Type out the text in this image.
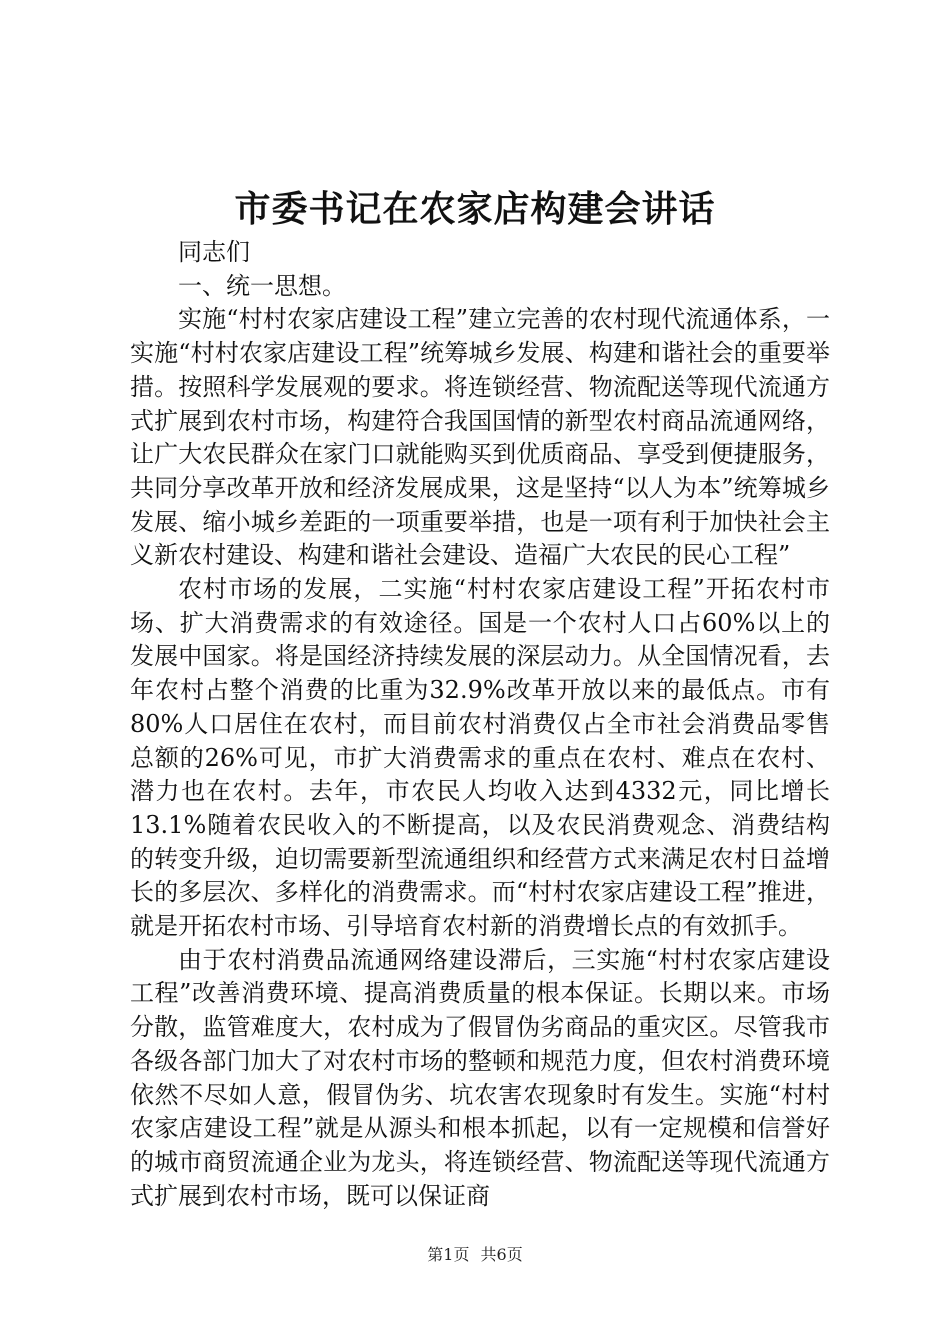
市委书记在农家店构建会讲话

同志们

一、统一思想。

实施“村村农家店建设工程”建立完善的农村现代流通体系，一实施“村村农家店建设工程”统筹城乡发展、构建和谐社会的重要举措。按照科学发展观的要求。将连锁经营、物流配送等现代流通方式扩展到农村市场，构建符合我国国情的新型农村商品流通网络，让广大农民群众在家门口就能购买到优质商品、享受到便捷服务，共同分享改革开放和经济发展成果，这是坚持“以人为本”统筹城乡发展、缩小城乡差距的一项重要举措，也是一项有利于加快社会主义新农村建设、构建和谐社会建设、造福广大农民的民心工程”

农村市场的发展，二实施“村村农家店建设工程”开拓农村市场、扩大消费需求的有效途径。国是一个农村人口占60%以上的发展中国家。将是国经济持续发展的深层动力。从全国情况看，去年农村占整个消费的比重为32.9%改革开放以来的最低点。市有80%人口居住在农村，而目前农村消费仅占全市社会消费品零售总额的26%可见，市扩大消费需求的重点在农村、难点在农村、潜力也在农村。去年，市农民人均收入达到4332元，同比增长13.1%随着农民收入的不断提高，以及农民消费观念、消费结构的转变升级，迫切需要新型流通组织和经营方式来满足农村日益增长的多层次、多样化的消费需求。而“村村农家店建设工程”推进，就是开拓农村市场、引导培育农村新的消费增长点的有效抓手。

由于农村消费品流通网络建设滞后，三实施“村村农家店建设工程”改善消费环境、提高消费质量的根本保证。长期以来。市场分散，监管难度大，农村成为了假冒伪劣商品的重灾区。尽管我市各级各部门加大了对农村市场的整顿和规范力度，但农村消费环境依然不尽如人意，假冒伪劣、坑农害农现象时有发生。实施“村村农家店建设工程”就是从源头和根本抓起，以有一定规模和信誉好的城市商贸流通企业为龙头，将连锁经营、物流配送等现代流通方式扩展到农村市场，既可以保证商

第1页 共6页
